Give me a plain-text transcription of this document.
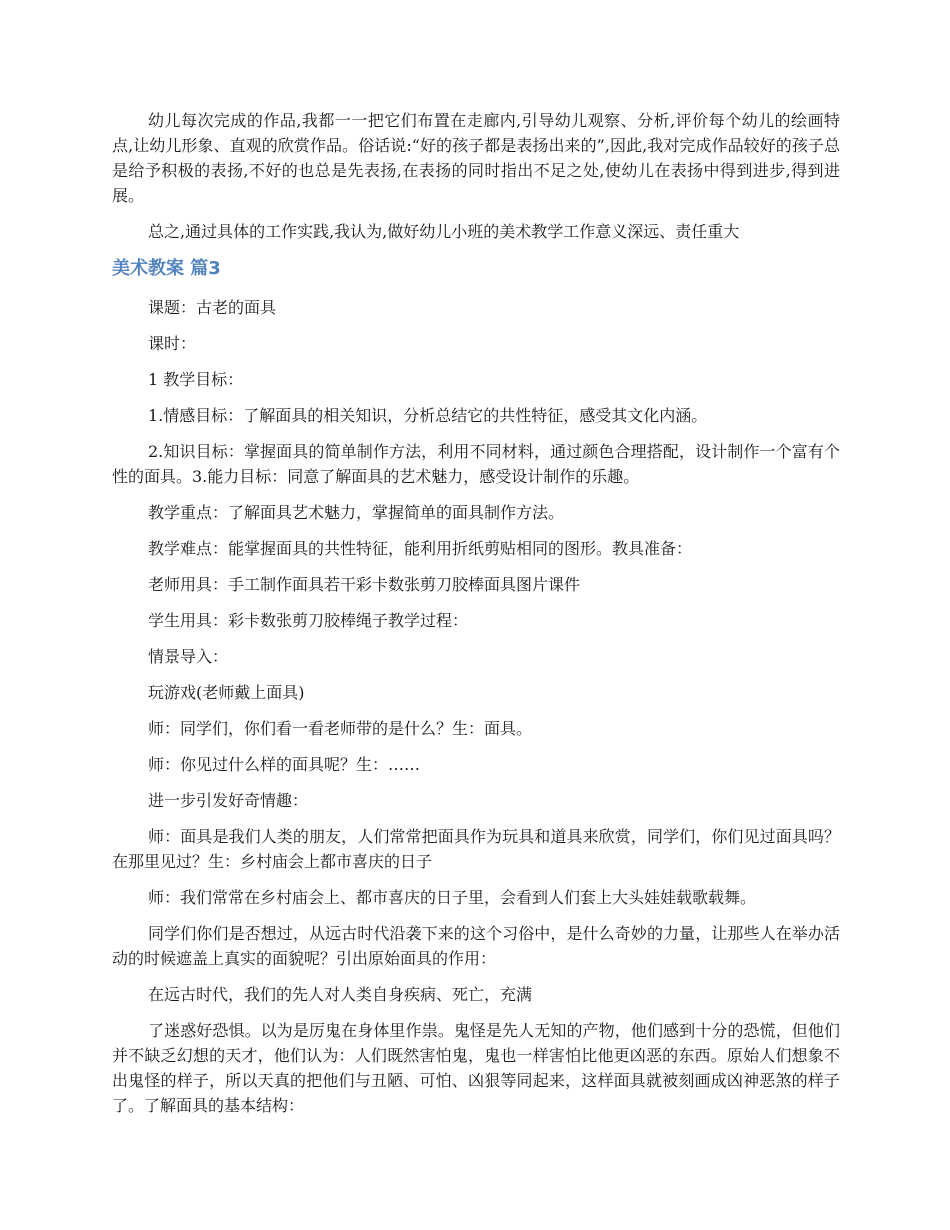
幼儿每次完成的作品,我都一一把它们布置在走廊内,引导幼儿观察、分析,评价每个幼儿的绘画特点,让幼儿形象、直观的欣赏作品。俗话说:“好的孩子都是表扬出来的”,因此,我对完成作品较好的孩子总是给予积极的表扬,不好的也总是先表扬,在表扬的同时指出不足之处,使幼儿在表扬中得到进步,得到进展。

总之,通过具体的工作实践,我认为,做好幼儿小班的美术教学工作意义深远、责任重大

美术教案 篇3

课题：古老的面具

课时：

1 教学目标：

1.情感目标：了解面具的相关知识，分析总结它的共性特征，感受其文化内涵。

2.知识目标：掌握面具的简单制作方法，利用不同材料，通过颜色合理搭配，设计制作一个富有个性的面具。3.能力目标：同意了解面具的艺术魅力，感受设计制作的乐趣。

教学重点：了解面具艺术魅力，掌握简单的面具制作方法。

教学难点：能掌握面具的共性特征，能利用折纸剪贴相同的图形。教具准备：

老师用具：手工制作面具若干彩卡数张剪刀胶棒面具图片课件

学生用具：彩卡数张剪刀胶棒绳子教学过程：

情景导入：

玩游戏(老师戴上面具)

师：同学们，你们看一看老师带的是什么？生：面具。

师：你见过什么样的面具呢？生：……

进一步引发好奇情趣：

师：面具是我们人类的朋友，人们常常把面具作为玩具和道具来欣赏，同学们，你们见过面具吗？在那里见过？生：乡村庙会上都市喜庆的日子

师：我们常常在乡村庙会上、都市喜庆的日子里，会看到人们套上大头娃娃载歌载舞。

同学们你们是否想过，从远古时代沿袭下来的这个习俗中，是什么奇妙的力量，让那些人在举办活动的时候遮盖上真实的面貌呢？引出原始面具的作用：

在远古时代，我们的先人对人类自身疾病、死亡，充满

了迷惑好恐惧。以为是厉鬼在身体里作祟。鬼怪是先人无知的产物，他们感到十分的恐慌，但他们并不缺乏幻想的天才，他们认为：人们既然害怕鬼，鬼也一样害怕比他更凶恶的东西。原始人们想象不出鬼怪的样子，所以天真的把他们与丑陋、可怕、凶狠等同起来，这样面具就被刻画成凶神恶煞的样子了。了解面具的基本结构：
